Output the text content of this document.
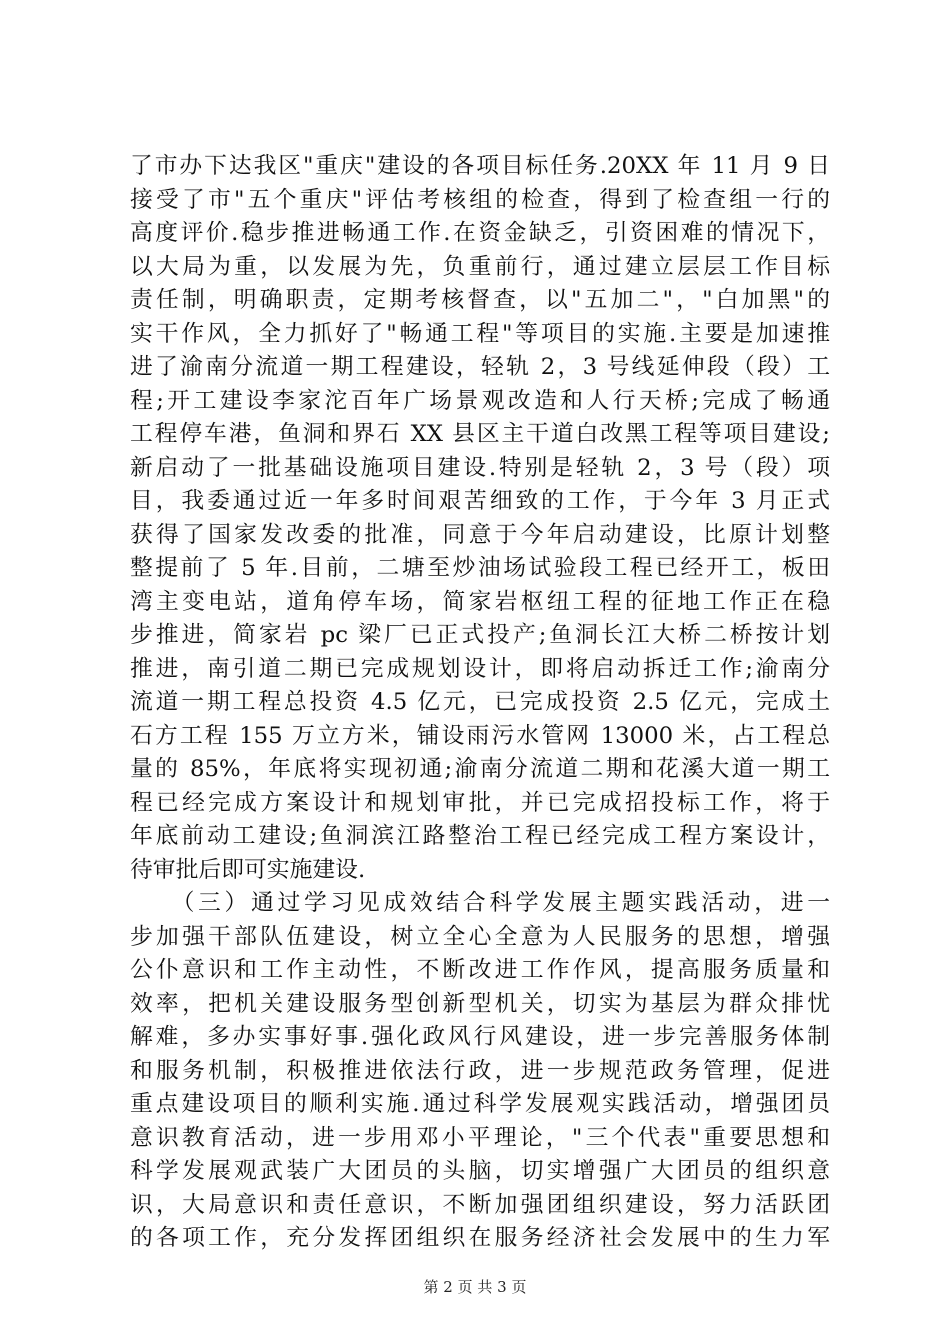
了市办下达我区"重庆"建设的各项目标任务.20XX 年 11 月 9 日
接受了市"五个重庆"评估考核组的检查，得到了检查组一行的
高度评价.稳步推进畅通工作.在资金缺乏，引资困难的情况下，
以大局为重，以发展为先，负重前行，通过建立层层工作目标
责任制，明确职责，定期考核督查，以"五加二"，"白加黑"的
实干作风，全力抓好了"畅通工程"等项目的实施.主要是加速推
进了渝南分流道一期工程建设，轻轨 2，3 号线延伸段（段）工
程;开工建设李家沱百年广场景观改造和人行天桥;完成了畅通
工程停车港，鱼洞和界石 XX 县区主干道白改黑工程等项目建设;
新启动了一批基础设施项目建设.特别是轻轨 2，3 号（段）项
目，我委通过近一年多时间艰苦细致的工作，于今年 3 月正式
获得了国家发改委的批准，同意于今年启动建设，比原计划整
整提前了 5 年.目前，二塘至炒油场试验段工程已经开工，板田
湾主变电站，道角停车场，简家岩枢纽工程的征地工作正在稳
步推进，简家岩 pc 梁厂已正式投产;鱼洞长江大桥二桥按计划
推进，南引道二期已完成规划设计，即将启动拆迁工作;渝南分
流道一期工程总投资 4.5 亿元，已完成投资 2.5 亿元，完成土
石方工程 155 万立方米，铺设雨污水管网 13000 米，占工程总
量的 85%，年底将实现初通;渝南分流道二期和花溪大道一期工
程已经完成方案设计和规划审批，并已完成招投标工作，将于
年底前动工建设;鱼洞滨江路整治工程已经完成工程方案设计，
待审批后即可实施建设.
　　（三）通过学习见成效结合科学发展主题实践活动，进一
步加强干部队伍建设，树立全心全意为人民服务的思想，增强
公仆意识和工作主动性，不断改进工作作风，提高服务质量和
效率，把机关建设服务型创新型机关，切实为基层为群众排忧
解难，多办实事好事.强化政风行风建设，进一步完善服务体制
和服务机制，积极推进依法行政，进一步规范政务管理，促进
重点建设项目的顺利实施.通过科学发展观实践活动，增强团员
意识教育活动，进一步用邓小平理论，"三个代表"重要思想和
科学发展观武装广大团员的头脑，切实增强广大团员的组织意
识，大局意识和责任意识，不断加强团组织建设，努力活跃团
的各项工作，充分发挥团组织在服务经济社会发展中的生力军
第 2 页 共 3 页
